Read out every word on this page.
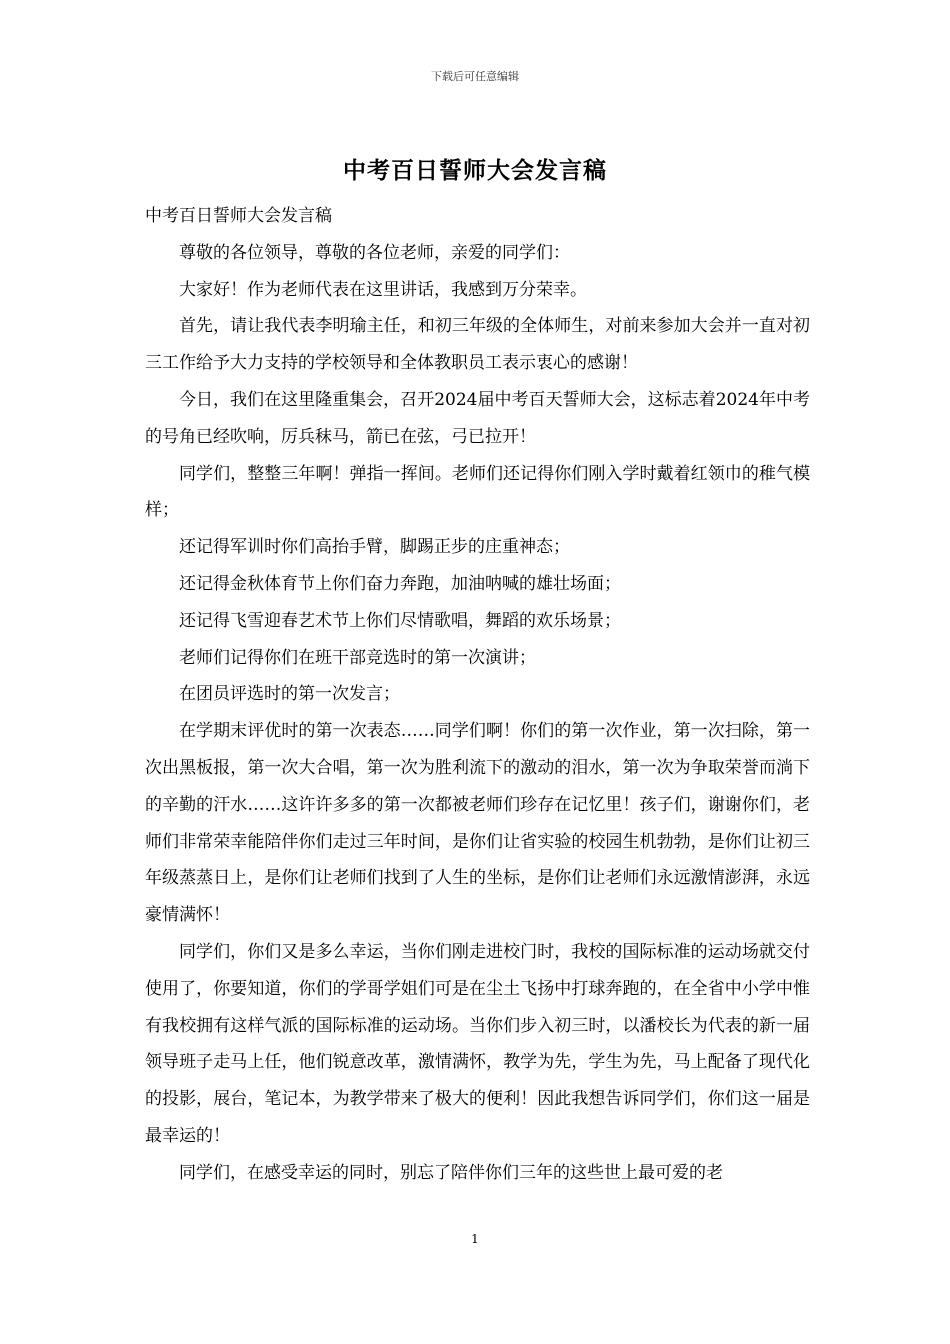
下载后可任意编辑
中考百日誓师大会发言稿

中考百日誓师大会发言稿

尊敬的各位领导，尊敬的各位老师，亲爱的同学们：

大家好！作为老师代表在这里讲话，我感到万分荣幸。

首先，请让我代表李明瑜主任，和初三年级的全体师生，对前来参加大会并一直对初三工作给予大力支持的学校领导和全体教职员工表示衷心的感谢！

今日，我们在这里隆重集会，召开2024届中考百天誓师大会，这标志着2024年中考的号角已经吹响，厉兵秣马，箭已在弦，弓已拉开！

同学们，整整三年啊！弹指一挥间。老师们还记得你们刚入学时戴着红领巾的稚气模样；

还记得军训时你们高抬手臂，脚踢正步的庄重神态；

还记得金秋体育节上你们奋力奔跑，加油呐喊的雄壮场面；

还记得飞雪迎春艺术节上你们尽情歌唱，舞蹈的欢乐场景；

老师们记得你们在班干部竞选时的第一次演讲；

在团员评选时的第一次发言；

在学期末评优时的第一次表态……同学们啊！你们的第一次作业，第一次扫除，第一次出黑板报，第一次大合唱，第一次为胜利流下的激动的泪水，第一次为争取荣誉而淌下的辛勤的汗水……这许许多多的第一次都被老师们珍存在记忆里！孩子们，谢谢你们，老师们非常荣幸能陪伴你们走过三年时间，是你们让省实验的校园生机勃勃，是你们让初三年级蒸蒸日上，是你们让老师们找到了人生的坐标，是你们让老师们永远激情澎湃，永远豪情满怀！

同学们，你们又是多么幸运，当你们刚走进校门时，我校的国际标准的运动场就交付使用了，你要知道，你们的学哥学姐们可是在尘土飞扬中打球奔跑的，在全省中小学中惟有我校拥有这样气派的国际标准的运动场。当你们步入初三时，以潘校长为代表的新一届领导班子走马上任，他们锐意改革，激情满怀，教学为先，学生为先，马上配备了现代化的投影，展台，笔记本，为教学带来了极大的便利！因此我想告诉同学们，你们这一届是最幸运的！

同学们，在感受幸运的同时，别忘了陪伴你们三年的这些世上最可爱的老

1
